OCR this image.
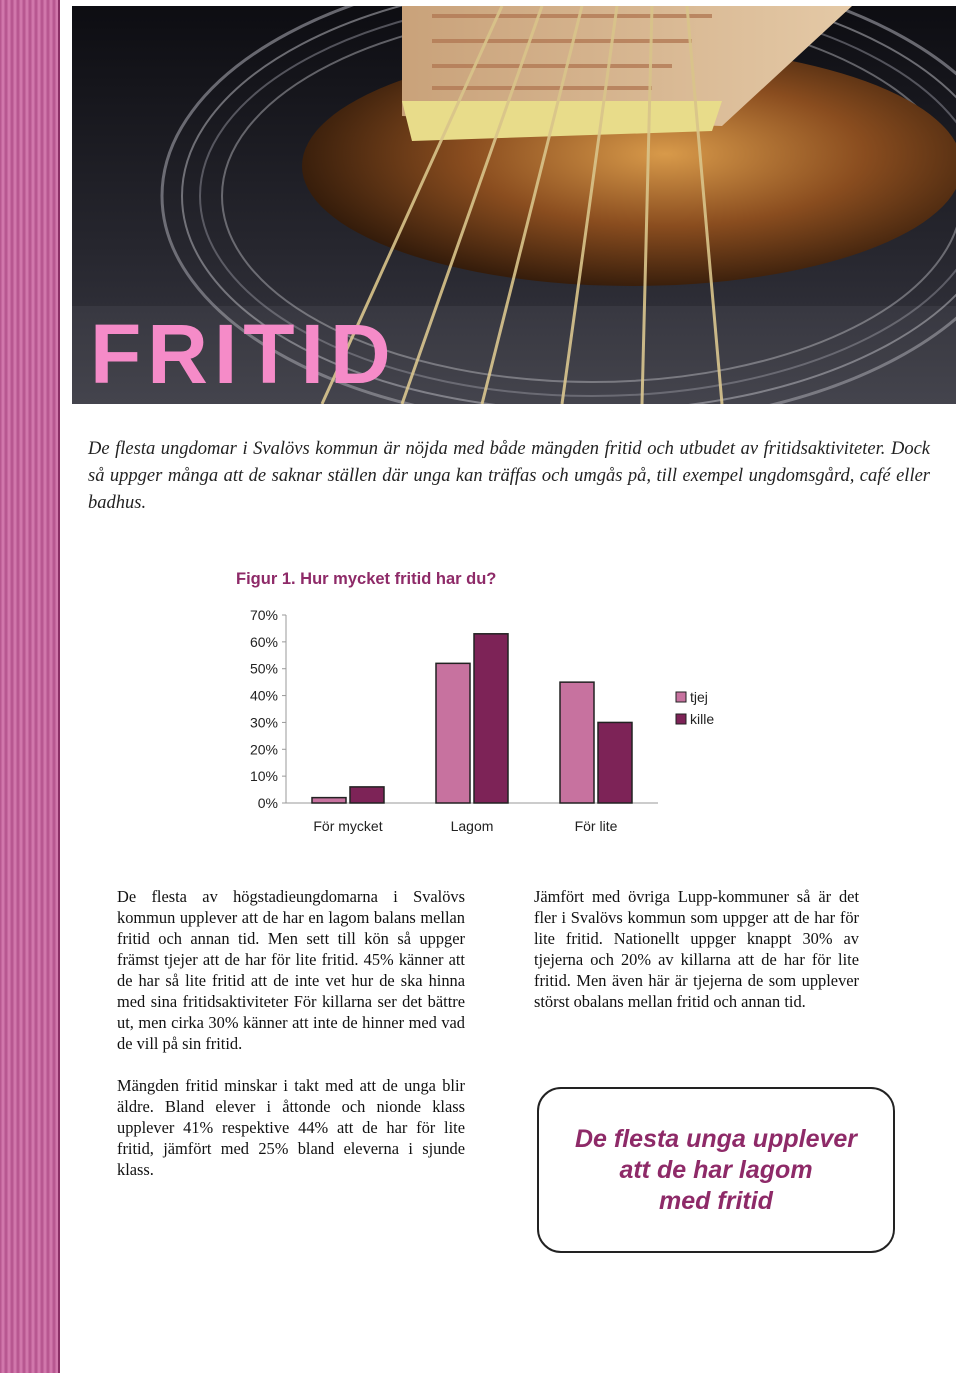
FRITID
De flesta ungdomar i Svalövs kommun är nöjda med både mängden fritid och utbudet av fritidsaktiviteter. Dock så uppger många att de saknar ställen där unga kan träffas och umgås på, till exempel ungdomsgård, café eller badhus.
Figur 1. Hur mycket fritid har du?
0%
10%
20%
30%
40%
50%
60%
70%
För mycket	Lagom	För lite
tjej
kille

De flesta av högstadieungdomarna i Svalövs kommun upplever att de har en lagom balans mellan fritid och annan tid. Men sett till kön så uppger främst tjejer att de har för lite fritid. 45% känner att de har så lite fritid att de inte vet hur de ska hinna med sina fritidsaktiviteter För killarna ser det bättre ut, men cirka 30% känner att inte de hinner med vad de vill på sin fritid.

Mängden fritid minskar i takt med att de unga blir äldre. Bland elever i åttonde och nionde klass upplever 41% respektive 44% att de har för lite fritid, jämfört med 25% bland eleverna i sjunde klass.

Jämfört med övriga Lupp-kommuner så är det fler i Svalövs kommun som uppger att de har för lite fritid. Nationellt uppger knappt 30% av tjejerna och 20% av killarna att de har för lite fritid. Men även här är tjejerna de som upplever störst obalans mellan fritid och annan tid.

De flesta unga upplever
att de har lagom
med fritid
